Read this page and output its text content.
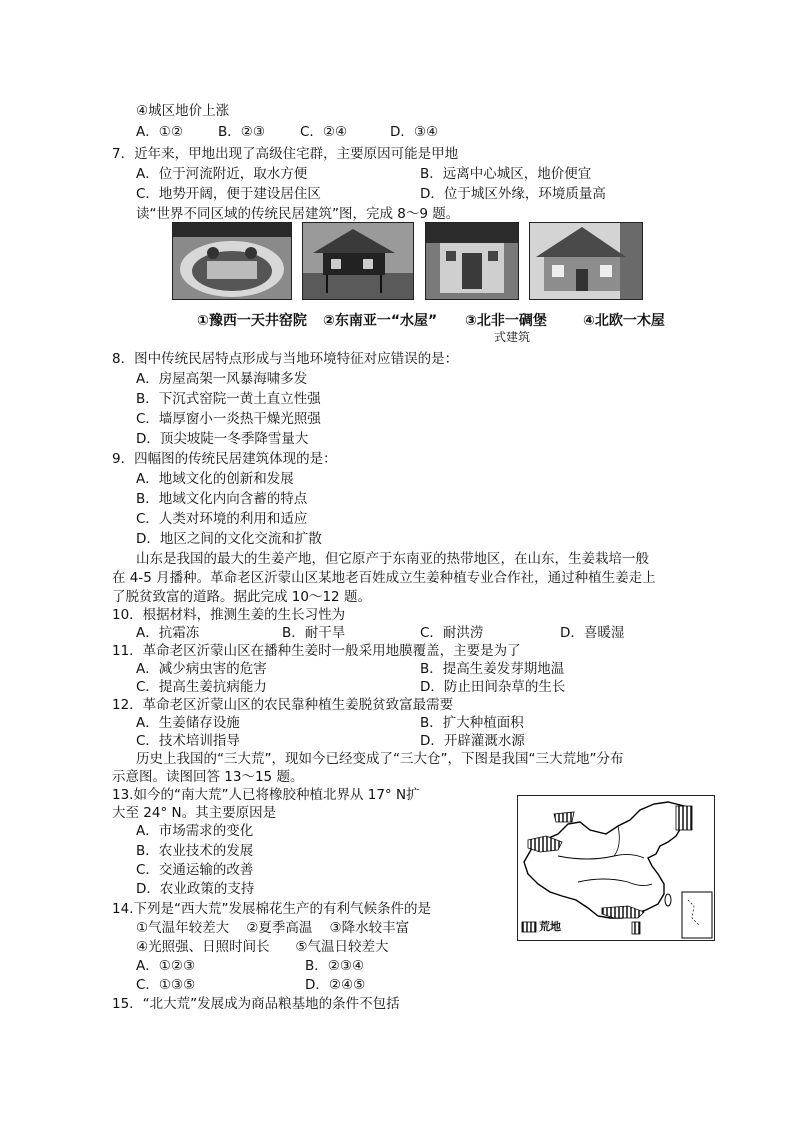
④城区地价上涨
A．①②	B．②③	C．②④	D．③④
7．近年来，甲地出现了高级住宅群，主要原因可能是甲地
A．位于河流附近，取水方便	B．远离中心城区，地价便宜
C．地势开阔，便于建设居住区	D．位于城区外缘，环境质量高
读“世界不同区域的传统民居建筑”图，完成 8～9 题。
①豫西一天井窑院 ②东南亚一“水屋” ③北非一碉堡
式建筑
④北欧一木屋
8．图中传统民居特点形成与当地环境特征对应错误的是：
A．房屋高架一风暴海啸多发
B．下沉式窑院一黄土直立性强
C．墙厚窗小一炎热干燥光照强
D．顶尖坡陡一冬季降雪量大
9．四幅图的传统民居建筑体现的是：
A．地域文化的创新和发展
B．地域文化内向含蓄的特点
C．人类对环境的利用和适应
D．地区之间的文化交流和扩散
山东是我国的最大的生姜产地，但它原产于东南亚的热带地区，在山东，生姜栽培一般
在 4-5 月播种。革命老区沂蒙山区某地老百姓成立生姜种植专业合作社，通过种植生姜走上
了脱贫致富的道路。据此完成 10～12 题。
10．根据材料，推测生姜的生长习性为
A．抗霜冻	B．耐干旱	C．耐洪涝	D．喜暖湿
11．革命老区沂蒙山区在播种生姜时一般采用地膜覆盖，主要是为了
A．减少病虫害的危害	B．提高生姜发芽期地温
C．提高生姜抗病能力	D．防止田间杂草的生长
12．革命老区沂蒙山区的农民靠种植生姜脱贫致富最需要
A．生姜储存设施	B．扩大种植面积
C．技术培训指导	D．开辟灌溉水源
历史上我国的“三大荒”，现如今已经变成了“三大仓”，下图是我国“三大荒地”分布
示意图。读图回答 13～15 题。
13.如今的“南大荒”人已将橡胶种植北界从 17° N扩
大至 24° N。其主要原因是
A．市场需求的变化
B．农业技术的发展
C．交通运输的改善
D．农业政策的支持
14.下列是“西大荒”发展棉花生产的有利气候条件的是
①气温年较差大    ②夏季高温    ③降水较丰富
④光照强、日照时间长      ⑤气温日较差大
A．①②③	B．②③④
C．①③⑤	D．②④⑤
15．“北大荒”发展成为商品粮基地的条件不包括
荒地
